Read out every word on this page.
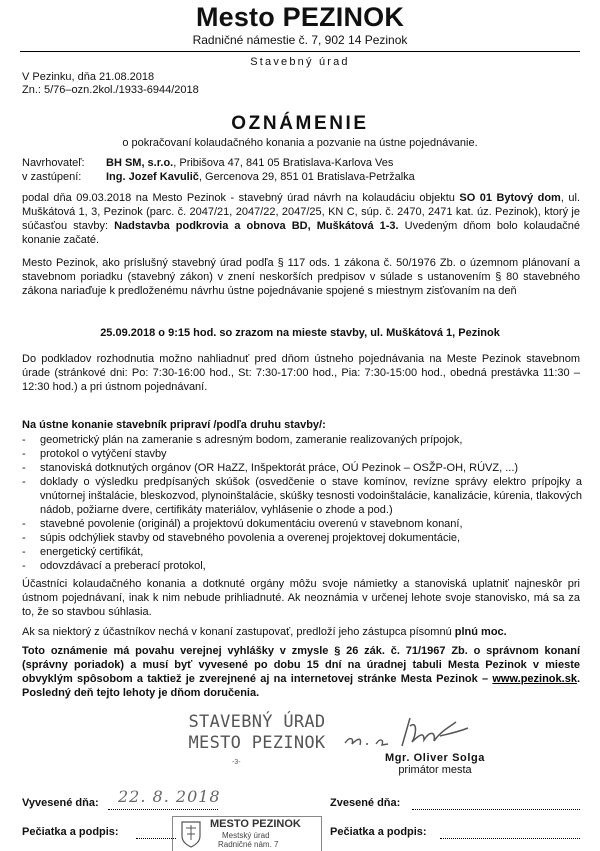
Mesto PEZINOK
Radničné námestie č. 7, 902 14 Pezinok
Stavebný úrad
V Pezinku, dňa 21.08.2018
Zn.: 5/76–ozn.2kol./1933-6944/2018
OZNÁMENIE
o pokračovaní kolaudačného konania a pozvanie na ústne pojednávanie.
Navrhovateľ:	BH SM, s.r.o., Pribišova 47, 841 05 Bratislava-Karlova Ves
v zastúpení:	Ing. Jozef Kavulič, Gercenova 29, 851 01 Bratislava-Petržalka
podal dňa 09.03.2018 na Mesto Pezinok - stavebný úrad návrh na kolaudáciu objektu SO 01 Bytový dom, ul. Muškátová 1, 3, Pezinok (parc. č. 2047/21, 2047/22, 2047/25, KN C, súp. č. 2470, 2471 kat. úz. Pezinok), ktorý je súčasťou stavby: Nadstavba podkrovia a obnova BD, Muškátová 1-3. Uvedeným dňom bolo kolaudačné konanie začaté.
Mesto Pezinok, ako príslušný stavebný úrad podľa § 117 ods. 1 zákona č. 50/1976 Zb. o územnom plánovaní a stavebnom poriadku (stavebný zákon) v znení neskorších predpisov v súlade s ustanovením § 80 stavebného zákona nariaďuje k predloženému návrhu ústne pojednávanie spojené s miestnym zisťovaním na deň
25.09.2018 o 9:15 hod. so zrazom na mieste stavby, ul. Muškátová 1, Pezinok
Do podkladov rozhodnutia možno nahliadnuť pred dňom ústneho pojednávania na Mestе Pezinok stavebnom úrade (stránkové dni: Po: 7:30-16:00 hod., St: 7:30-17:00 hod., Pia: 7:30-15:00 hod., obedná prestávka 11:30 – 12:30 hod.) a pri ústnom pojednávaní.
Na ústne konanie stavebník pripraví /podľa druhu stavby/:
-	geometrický plán na zameranie s adresným bodom, zameranie realizovaných prípojok,
-	protokol o vytýčení stavby
-	stanoviská dotknutých orgánov (OR HaZZ, Inšpektorát práce, OÚ Pezinok – OSŽP-OH, RÚVZ, ...)
-	doklady o výsledku predpísaných skúšok (osvedčenie o stave komínov, revízne správy elektro prípojky a vnútornej inštalácie, bleskozvod, plynoinštalácie, skúšky tesnosti vodoinštalácie, kanalizácie, kúrenia, tlakových nádob, požiarne dvere, certifikáty materiálov, vyhlásenie o zhode a pod.)
-	stavebné povolenie (originál) a projektovú dokumentáciu overenú v stavebnom konaní,
-	súpis odchýliek stavby od stavebného povolenia a overenej projektovej dokumentácie,
-	energetický certifikát,
-	odovzdávací a preberací protokol,
Účastníci kolaudačného konania a dotknuté orgány môžu svoje námietky a stanoviská uplatniť najneskôr pri ústnom pojednávaní, inak k nim nebude prihliadnuté. Ak neoznámia v určenej lehote svoje stanovisko, má sa za to, že so stavbou súhlasia.
Ak sa niektorý z účastníkov nechá v konaní zastupovať, predloží jeho zástupca písomnú plnú moc.
Toto oznámenie má povahu verejnej vyhlášky v zmysle § 26 zák. č. 71/1967 Zb. o správnom konaní (správny poriadok) a musí byť vyvesené po dobu 15 dní na úradnej tabuli Mesta Pezinok v mieste obvyklým spôsobom a taktiež je zverejnené aj na internetovej stránke Mesta Pezinok – www.pezinok.sk. Posledný deň tejto lehoty je dňom doručenia.
STAVEBNÝ ÚRAD
MESTO PEZINOK
-3-	Mgr. Oliver Solga
primátor mesta
Vyvesené dňa: 22. 8. 2018	Zvesené dňa:
Pečiatka a podpis:	Pečiatka a podpis:
MESTO PEZINOK
Mestský úrad
Radničné nám. 7
